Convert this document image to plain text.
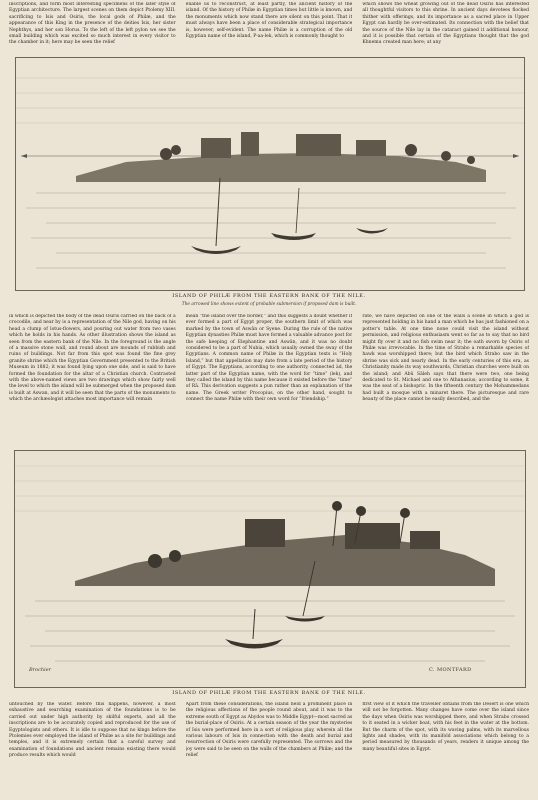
inscriptions, and form most interesting specimens of the later style of Egyptian architecture. The largest scenes on them depict Ptolemy XIII. sacrificing to Isis and Osiris, the local gods of Philæ, and the appearance of this King in the presence of the deities Isis, her sister Nephthys, and her son Horus. To the left of the left pylon we see the small building which was excited so much interest in every visitor to the chamber in it; here may be seen the relief
enable us to reconstruct, at least partly, the ancient history of the island. Of the history of Philæ in Egyptian times but little is known, and the monuments which now stand there are silent on this point. That it must always have been a place of considerable strategical importance is, however, self-evident. The name Philæ is a corruption of the old Egyptian name of the island, P-aa-lek, which is commonly thought to
which shows the wheat growing out of the dead Osiris has interested all thoughtful visitors to this shrine. In ancient days devotees flocked thither with offerings, and its importance as a sacred place in Upper Egypt can hardly be over-estimated. Its connection with the belief that the source of the Nile lay in the cataract gained it additional honour, and it is possible that certain of the Egyptians thought that the god Khnemu created man here; at any
ISLAND OF PHILÆ FROM THE EASTERN BANK OF THE NILE.
The arrowed line shows extent of probable submersion if proposed dam is built.
in which is depicted the body of the dead Osiris carried on the back of a crocodile, and near by is a representation of the Nile god, having on his head a clump of lotus-flowers, and pouring out water from two vases which he holds in his hands. As other illustration shows the island as seen from the eastern bank of the Nile. In the foreground is the angle of a massive stone wall, and round about are mounds of rubbish and ruins of buildings. Not far from this spot was found the fine grey granite shrine which the Egyptian Government presented to the British Museum in 1882; it was found lying upon one side, and is said to have formed the foundation for the altar of a Christian church. Contrasted with the above-named views are two drawings which show fairly well the level to which the island will be submerged when the proposed dam is built at Aswan, and it will be seen that the parts of the monuments to which the archæologist attaches most importance will remain
mean “the island over the border,” and this suggests a doubt whether it ever formed a part of Egypt proper, the southern limit of which was marked by the town of Aswân or Syene. During the rule of the native Egyptian dynasties Philæ must have formed a valuable advance post for the safe keeping of Elephantine and Aswân, and it was no doubt considered to be a part of Nubia, which usually owned the sway of the Egyptians. A common name of Philæ in the Egyptian texts is “Holy Island,” but that appellation may date from a late period of the history of Egypt. The Egyptians, according to one authority, connected àd, the latter part of the Egyptian name, with the word for “time” (lek), and they called the island by this name because it existed before the “time” of Rā. This derivation suggests a pun rather than an explanation of the name. The Greek writer Procopius, on the other hand, sought to connect the name Philæ with their own word for “friendship.”
rate, we have depicted on one of the walls a scene in which a god is represented holding in his hand a man which he has just fashioned on a potter's table. At one time none could visit the island without permission, and religious enthusiasm went so far as to say that no bird might fly over it and no fish swim near it; the oath sworn by Osiris of Philæ was irrevocable. In the time of Strabo a remarkable species of hawk was worshipped there; but the bird which Strabo saw in the shrine was sick and nearly dead. In the early centuries of this era, as Christianity made its way southwards, Christian churches were built on the island; and Abû Sâleh says that there were two, one being dedicated to St. Michael and one to Athanasius; according to some, it was the seat of a bishopric. In the fifteenth century the Mohammedans had built a mosque with a minaret there. The picturesque and rare beauty of the place cannot be easily described, and the
Brochier	C. MONTFARD
ISLAND OF PHILÆ FROM THE EASTERN BANK OF THE NILE.
untouched by the water. Before this happens, however, a most exhaustive and searching examination of the foundations is to be carried out under high authority by skilful experts, and all the inscriptions are to be accurately copied and reproduced for the use of Egyptologists and others. It is idle to suppose that no kings before the Ptolemies ever employed the island of Philæ as a site for buildings and temples, and it is extremely certain that a careful survey and examination of foundations and ancient remains existing there would produce results which would
Apart from these considerations, the island held a prominent place in the religious affections of the people round about, and it was to the extreme south of Egypt as Abydos was to Middle Egypt—most sacred as the burial-place of Osiris. At a certain season of the year the mysteries of Isis were performed here in a sort of religious play, wherein all the various labours of Isis in connection with the death and burial and resurrection of Osiris were carefully represented. The sorrows and the joy were said to be seen on the walls of the chambers at Philæ; and the relief
first view of it which the traveller obtains from the Desert is one which will not be forgotten. Many changes have come over the island since the days when Osiris was worshipped there, and when Strabo crossed to it seated in a wicker boat, with his feet in the water at the bottom. But the charm of the spot, with its waving palms, with its marvellous lights and shades, with its manifold associations which belong to a period measured by thousands of years, renders it unique among the many beautiful sites in Egypt.
